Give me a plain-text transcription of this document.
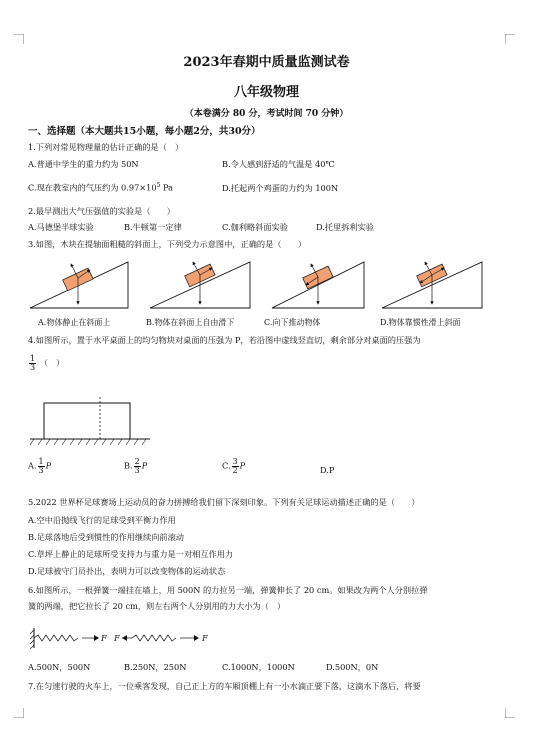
2023年春期中质量监测试卷
八年级物理
（本卷满分 80 分，考试时间 70 分钟）
一、选择题（本大题共15小题，每小题2分，共30分）
1.下列对常见物理量的估计正确的是（　）
A.普通中学生的重力约为 50N	B.令人感到舒适的气温是 40℃
C.现在教室内的气压约为 $0.97\times 10^5$ Pa	D.托起两个鸡蛋的力约为 100N
2.最早测出大气压强值的实验是（　　）
A.马德堡半球实验	B.牛顿第一定律	C.伽利略斜面实验	D.托里拆利实验
3.如图，木块在提轴面粗糙的斜面上，下列受力示意图中，正确的是（　　）
A.物体静止在斜面上	B.物体在斜面上自由滑下	C.向下推动物体	D.物体靠惯性滑上斜面
4.如图所示，置于水平桌面上的均匀物块对桌面的压强为 P，若沿图中虚线竖直切，剩余部分对桌面的压强为
$\frac{1}{3}$ （　）
A. $\frac{1}{3}$ P	B. $\frac{2}{3}$ P	C. $\frac{3}{2}$ P	D.P
5.2022 世界杯足球赛场上运动员的奋力拼搏给我们留下深刻印象。下列有关足球运动描述正确的是（　　）
A.空中沿抛线飞行的足球受到平衡力作用
B.足球落地后受到惯性的作用继续向前滚动
C.草坪上静止的足球所受支持力与重力是一对相互作用力
D.足球被守门员扑出，表明力可以改变物体的运动状态
6.如图所示，一根弹簧一端挂在墙上，用 500N 的力拉另一端，弹簧伸长了 20 cm。如果改为两个人分别拉弹
簧的两端，把它拉长了 20 cm，则左右两个人分别用的力大小为（　）
F F	F
A.500N，500N	B.250N，250N	C.1000N，1000N	D.500N，0N
7.在匀速行驶的火车上，一位乘客发现，自己正上方的车厢顶棚上有一小水滴正要下落，这滴水下落后，将要
